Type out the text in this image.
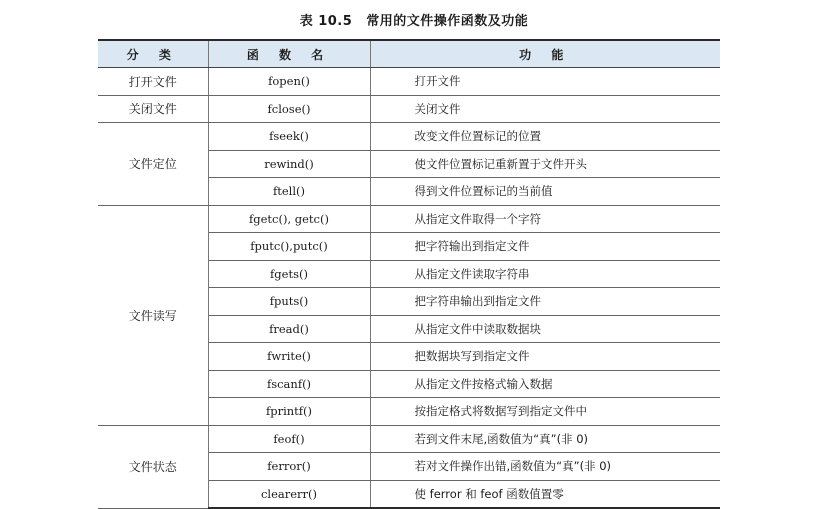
表 10.5 常用的文件操作函数及功能
分 类	函 数 名	功 能
打开文件	fopen()	打开文件
关闭文件	fclose()	关闭文件
文件定位	fseek()	改变文件位置标记的位置
	rewind()	使文件位置标记重新置于文件开头
	ftell()	得到文件位置标记的当前值
文件读写	fgetc(), getc()	从指定文件取得一个字符
	fputc(),putc()	把字符输出到指定文件
	fgets()	从指定文件读取字符串
	fputs()	把字符串输出到指定文件
	fread()	从指定文件中读取数据块
	fwrite()	把数据块写到指定文件
	fscanf()	从指定文件按格式输入数据
	fprintf()	按指定格式将数据写到指定文件中
文件状态	feof()	若到文件末尾,函数值为“真”(非 0)
	ferror()	若对文件操作出错,函数值为“真”(非 0)
	clearerr()	使 ferror 和 feof 函数值置零
